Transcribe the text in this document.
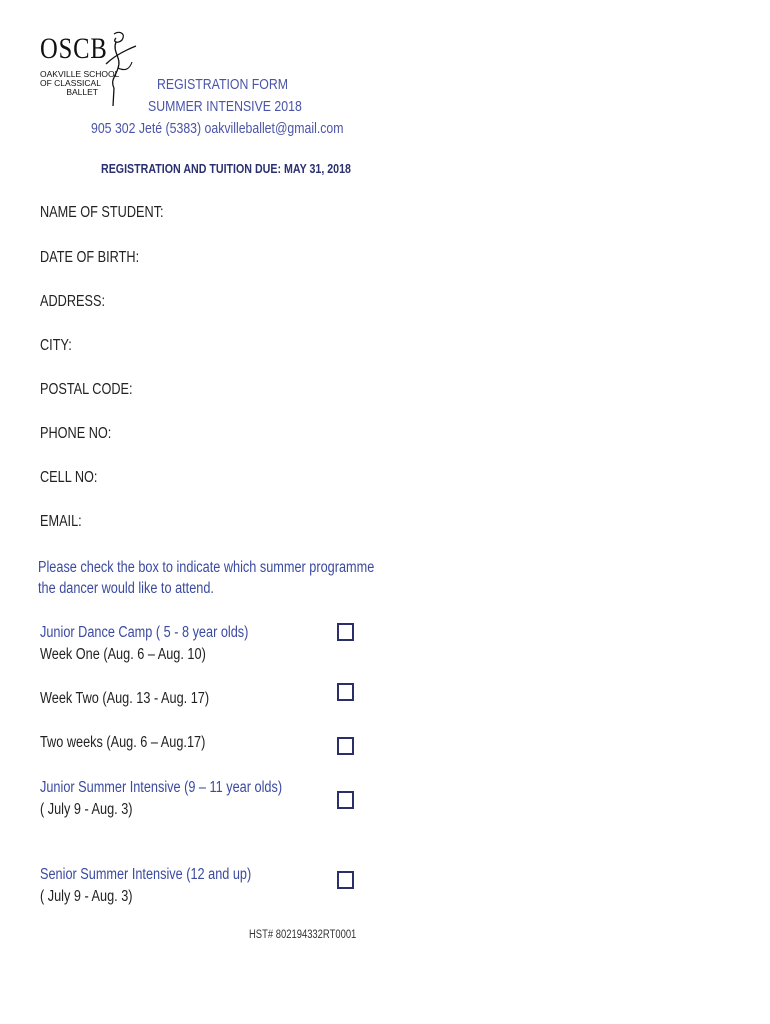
OSCB
OAKVILLE SCHOOL
OF CLASSICAL
BALLET	REGISTRATION FORM
SUMMER INTENSIVE 2018
905 302 Jeté (5383) oakvilleballet@gmail.com
REGISTRATION AND TUITION DUE: MAY 31, 2018
NAME OF STUDENT:
DATE OF BIRTH:
ADDRESS:
CITY:
POSTAL CODE:
PHONE NO:
CELL NO:
EMAIL:
Please check the box to indicate which summer programme
the dancer would like to attend.
Junior Dance Camp ( 5 - 8 year olds)
Week One (Aug. 6 – Aug. 10)
Week Two (Aug. 13 - Aug. 17)
Two weeks (Aug. 6 – Aug.17)
Junior Summer Intensive (9 – 11 year olds)
( July 9 - Aug. 3)
Senior Summer Intensive (12 and up)
( July 9 - Aug. 3)
HST# 802194332RT0001
